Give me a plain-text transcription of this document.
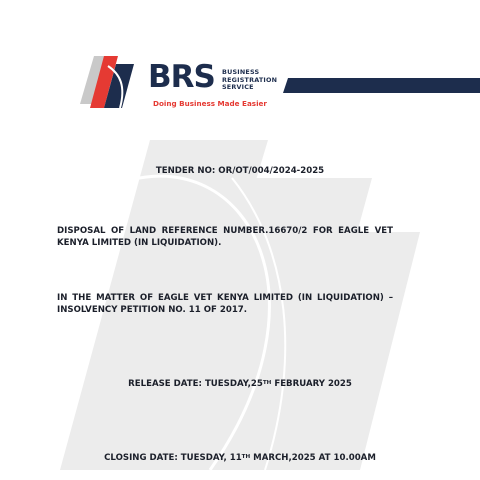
BRS BUSINESS
REGISTRATION
SERVICE
Doing Business Made Easier
TENDER NO: OR/OT/004/2024-2025
DISPOSAL OF LAND REFERENCE NUMBER.16670/2 FOR EAGLE VET
KENYA LIMITED (IN LIQUIDATION).
IN THE MATTER OF EAGLE VET KENYA LIMITED (IN LIQUIDATION) –
INSOLVENCY PETITION NO. 11 OF 2017.
RELEASE DATE: TUESDAY,25TH FEBRUARY 2025
CLOSING DATE: TUESDAY, 11TH MARCH,2025 AT 10.00AM
